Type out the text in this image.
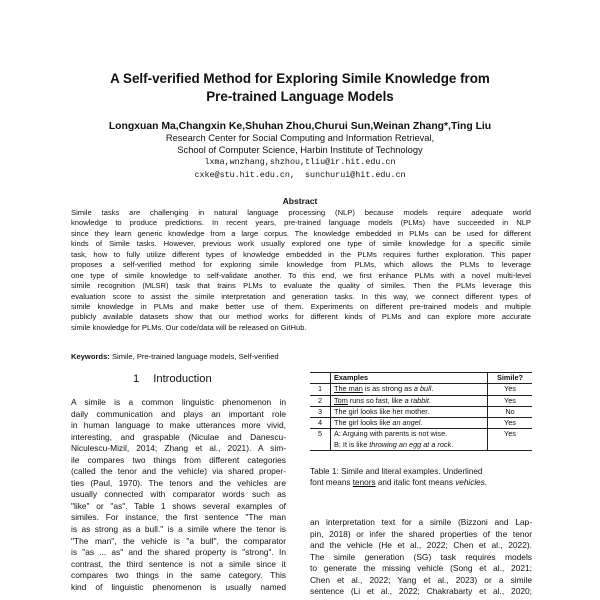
A Self-verified Method for Exploring Simile Knowledge from
Pre-trained Language Models
Longxuan Ma,Changxin Ke,Shuhan Zhou,Churui Sun,Weinan Zhang*,Ting Liu
Research Center for Social Computing and Information Retrieval,
School of Computer Science, Harbin Institute of Technology
lxma,wnzhang,shzhou,tliu@ir.hit.edu.cn
cxke@stu.hit.edu.cn,  sunchurui@hit.edu.cn
Abstract
Simile tasks are challenging in natural language processing (NLP) because models require adequate world
knowledge to produce predictions. In recent years, pre-trained language models (PLMs) have succeeded in NLP
since they learn generic knowledge from a large corpus. The knowledge embedded in PLMs can be used for different
kinds of Simile tasks. However, previous work usually explored one type of simile knowledge for a specific simile
task, how to fully utilize different types of knowledge embedded in the PLMs requires further exploration. This paper
proposes a self-verified method for exploring simile knowledge from PLMs, which allows the PLMs to leverage
one type of simile knowledge to self-validate another. To this end, we first enhance PLMs with a novel multi-level
simile recognition (MLSR) task that trains PLMs to evaluate the quality of similes. Then the PLMs leverage this
evaluation score to assist the simile interpretation and generation tasks. In this way, we connect different types of
simile knowledge in PLMs and make better use of them. Experiments on different pre-trained models and multiple
publicly available datasets show that our method works for different kinds of PLMs and can explore more accurate
simile knowledge for PLMs. Our code/data will be released on GitHub.
Keywords: Simile, Pre-trained language models, Self-verified
1 Introduction
A simile is a common linguistic phenomenon in
daily communication and plays an important role
in human language to make utterances more vivid,
interesting, and graspable (Niculae and Danescu-
Niculescu-Mizil, 2014; Zhang et al., 2021). A sim-
ile compares two things from different categories
(called the tenor and the vehicle) via shared proper-
ties (Paul, 1970). The tenors and the vehicles are
usually connected with comparator words such as
"like" or "as". Table 1 shows several examples of
similes. For instance, the first sentence "The man
is as strong as a bull." is a simile where the tenor is
"The man", the vehicle is "a bull", the comparator
is "as ... as" and the shared property is "strong". In
contrast, the third sentence is not a simile since it
compares two things in the same category. This
kind of linguistic phenomenon is usually named
	Examples	Simile?
1	The man is as strong as a bull.	Yes
2	Tom runs so fast, like a rabbit.	Yes
3	The girl looks like her mother.	No
4	The girl looks like an angel.	Yes
5	A: Arguing with parents is not wise.
B: It is like throwing an egg at a rock.	Yes
Table 1: Simile and literal examples. Underlined
font means tenors and italic font means vehicles.
an interpretation text for a simile (Bizzoni and Lap-
pin, 2018) or infer the shared properties of the tenor
and the vehicle (He et al., 2022; Chen et al., 2022).
The simile generation (SG) task requires models
to generate the missing vehicle (Song et al., 2021;
Chen et al., 2022; Yang et al., 2023) or a simile
sentence (Li et al., 2022; Chakrabarty et al., 2020;
